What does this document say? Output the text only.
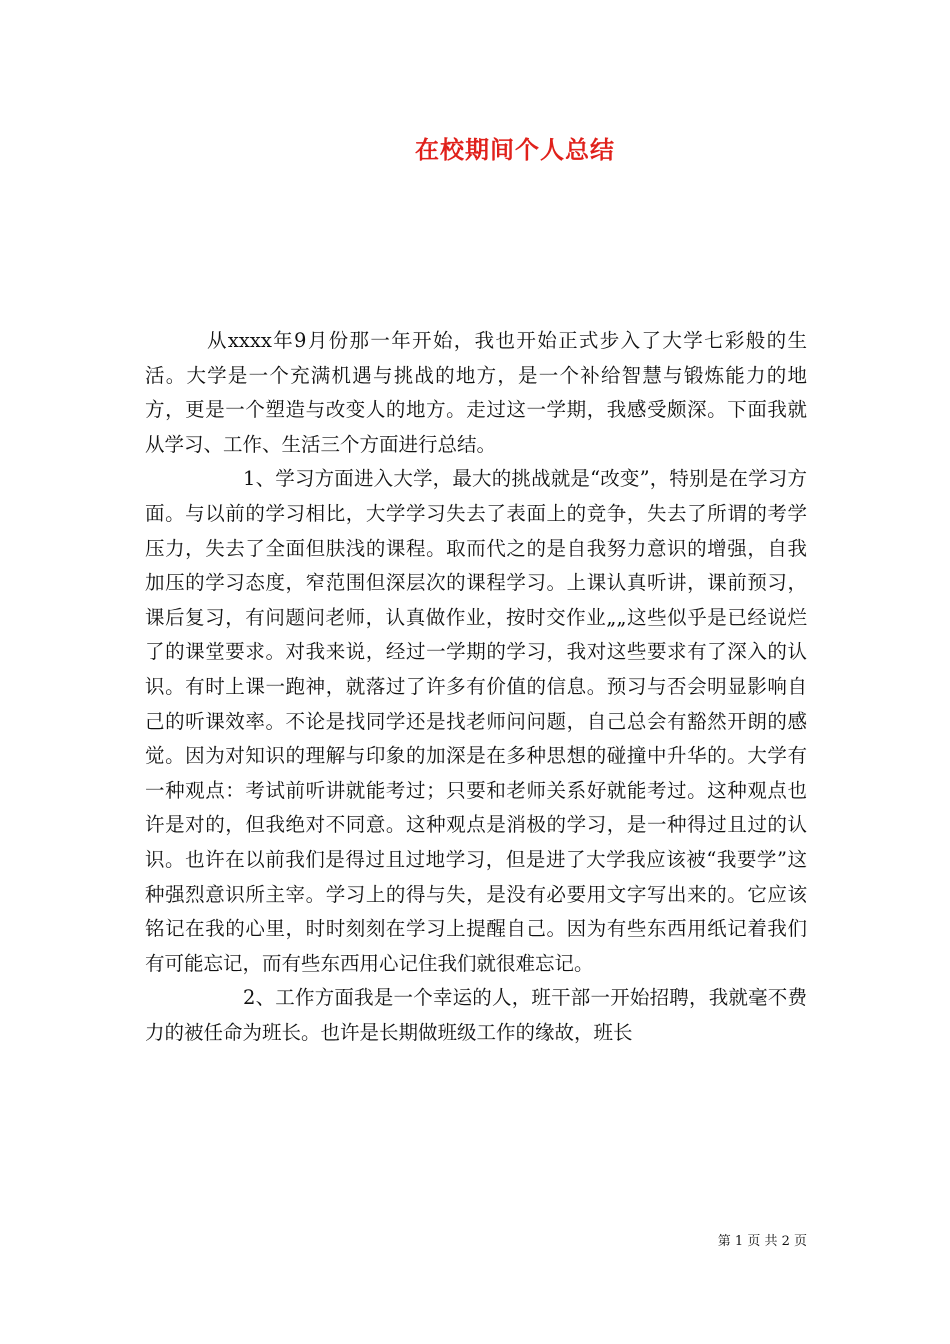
在校期间个人总结

从xxxx年9月份那一年开始，我也开始正式步入了大学七彩般的生活。大学是一个充满机遇与挑战的地方，是一个补给智慧与锻炼能力的地方，更是一个塑造与改变人的地方。走过这一学期，我感受颇深。下面我就从学习、工作、生活三个方面进行总结。

1、学习方面进入大学，最大的挑战就是“改变”，特别是在学习方面。与以前的学习相比，大学学习失去了表面上的竞争，失去了所谓的考学压力，失去了全面但肤浅的课程。取而代之的是自我努力意识的增强，自我加压的学习态度，窄范围但深层次的课程学习。上课认真听讲，课前预习，课后复习，有问题问老师，认真做作业，按时交作业„„这些似乎是已经说烂了的课堂要求。对我来说，经过一学期的学习，我对这些要求有了深入的认识。有时上课一跑神，就落过了许多有价值的信息。预习与否会明显影响自己的听课效率。不论是找同学还是找老师问问题，自己总会有豁然开朗的感觉。因为对知识的理解与印象的加深是在多种思想的碰撞中升华的。大学有一种观点：考试前听讲就能考过；只要和老师关系好就能考过。这种观点也许是对的，但我绝对不同意。这种观点是消极的学习，是一种得过且过的认识。也许在以前我们是得过且过地学习，但是进了大学我应该被“我要学”这种强烈意识所主宰。学习上的得与失，是没有必要用文字写出来的。它应该铭记在我的心里，时时刻刻在学习上提醒自己。因为有些东西用纸记着我们有可能忘记，而有些东西用心记住我们就很难忘记。

2、工作方面我是一个幸运的人，班干部一开始招聘，我就毫不费力的被任命为班长。也许是长期做班级工作的缘故，班长

第 1 页 共 2 页
